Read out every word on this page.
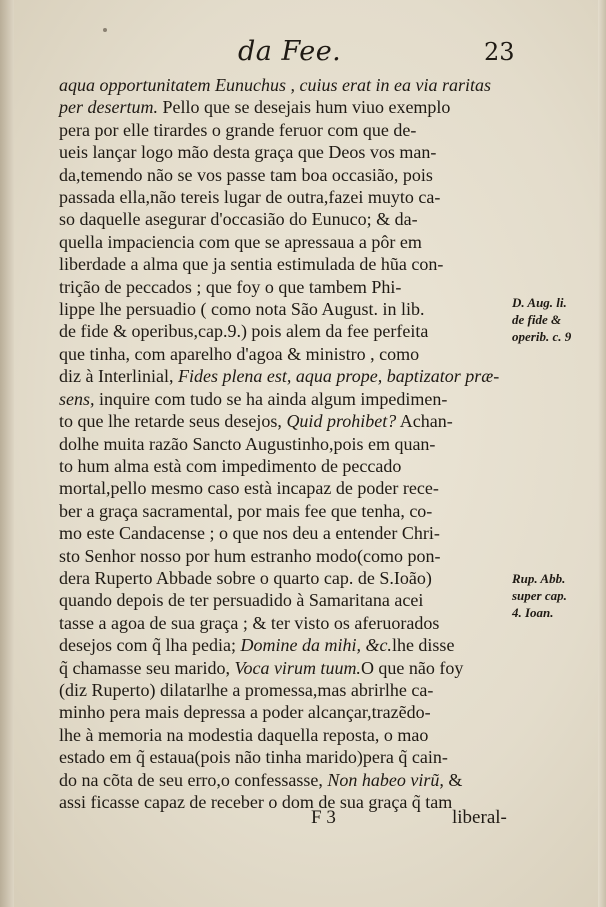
da Fee.	23
aqua opportunitatem Eunuchus , cuius erat in ea via raritas
per desertum. Pello que se desejais hum viuo exemplo
pera por elle tirardes o grande feruor com que de-
ueis lançar logo mão desta graça que Deos vos man-
da,temendo não se vos passe tam boa occasião, pois
passada ella,não tereis lugar de outra,fazei muyto ca-
so daquelle asegurar d'occasião do Eunuco; & da-
quella impaciencia com que se apressaua a pôr em
liberdade a alma que ja sentia estimulada de hũa con-
trição de peccados ; que foy o que tambem Phi-
lippe lhe persuadio ( como nota São August. in lib.
de fide & operibus,cap.9.) pois alem da fee perfeita
que tinha, com aparelho d'agoa & ministro , como
diz à Interlinial, Fides plena est, aqua prope, baptizator præ-
sens, inquire com tudo se ha ainda algum impedimen-
to que lhe retarde seus desejos, Quid prohibet? Achan-
dolhe muita razão Sancto Augustinho,pois em quan-
to hum alma està com impedimento de peccado
mortal,pello mesmo caso està incapaz de poder rece-
ber a graça sacramental, por mais fee que tenha, co-
mo este Candacense ; o que nos deu a entender Chri-
sto Senhor nosso por hum estranho modo(como pon-
dera Ruperto Abbade sobre o quarto cap. de S.Ioão)
quando depois de ter persuadido à Samaritana acei
tasse a agoa de sua graça ; & ter visto os aferuorados
desejos com q̃ lha pedia; Domine da mihi, &c.lhe disse
q̃ chamasse seu marido, Voca virum tuum.O que não foy
(diz Ruperto) dilatarlhe a promessa,mas abrirlhe ca-
minho pera mais depressa a poder alcançar,trazẽdo-
lhe à memoria na modestia daquella reposta, o mao
estado em q̃ estaua(pois não tinha marido)pera q̃ cain-
do na cõta de seu erro,o confessasse, Non habeo virũ, &
assi ficasse capaz de receber o dom de sua graça q̃ tam
D. Aug. li.
de fide &
operib. c. 9
Rup. Abb.
super cap.
4. Ioan.
F 3	liberal-
